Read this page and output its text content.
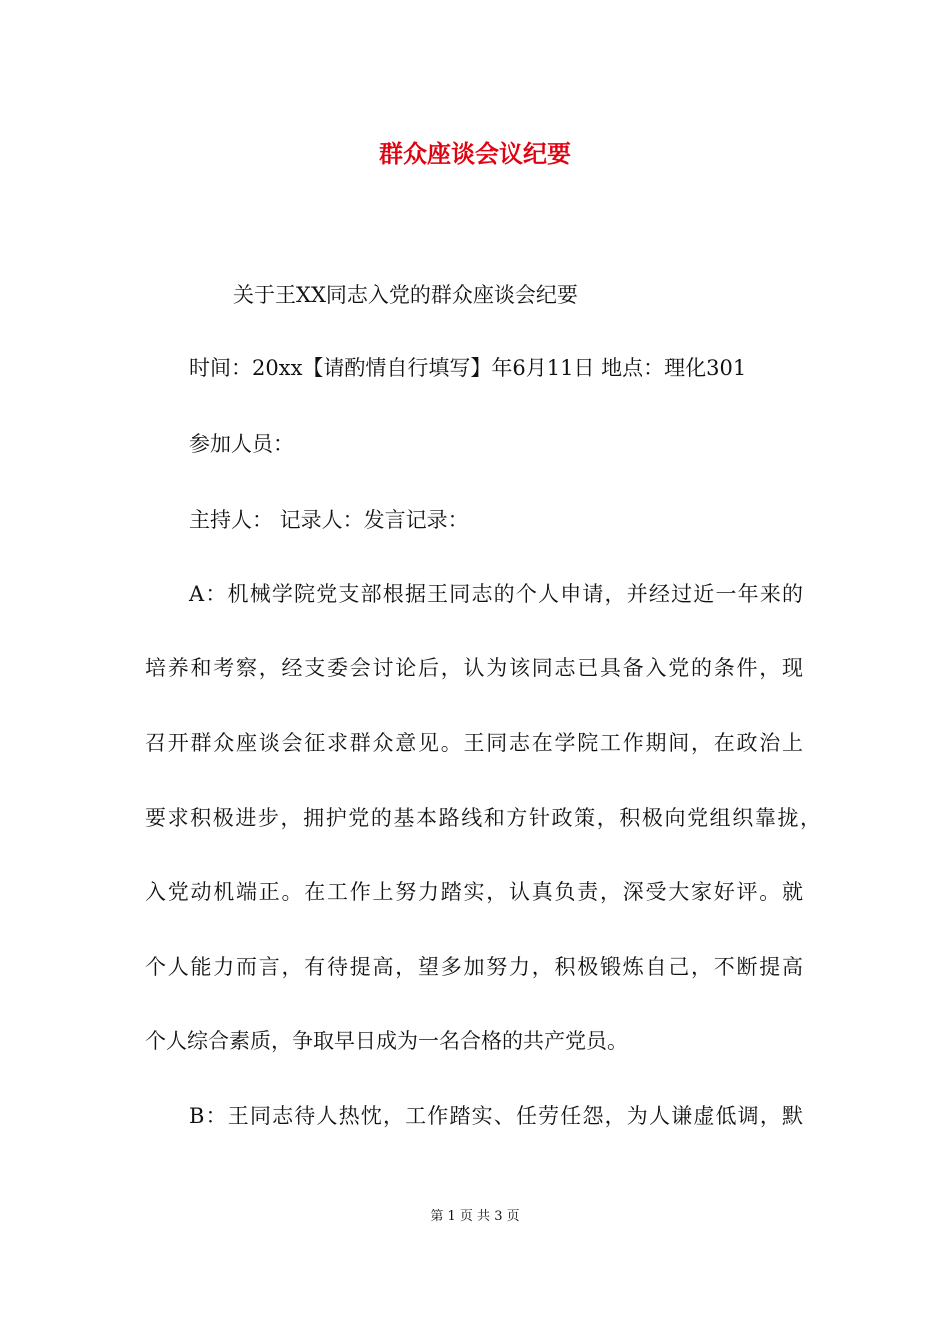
群众座谈会议纪要

关于王XX同志入党的群众座谈会纪要

时间：20xx【请酌情自行填写】年6月11日 地点：理化301

参加人员：

主持人： 记录人：发言记录：

A：机械学院党支部根据王同志的个人申请，并经过近一年来的

培养和考察，经支委会讨论后，认为该同志已具备入党的条件，现

召开群众座谈会征求群众意见。王同志在学院工作期间，在政治上

要求积极进步，拥护党的基本路线和方针政策，积极向党组织靠拢，

入党动机端正。在工作上努力踏实，认真负责，深受大家好评。就

个人能力而言，有待提高，望多加努力，积极锻炼自己，不断提高

个人综合素质，争取早日成为一名合格的共产党员。

B：王同志待人热忱，工作踏实、任劳任怨，为人谦虚低调，默

第 1 页 共 3 页
